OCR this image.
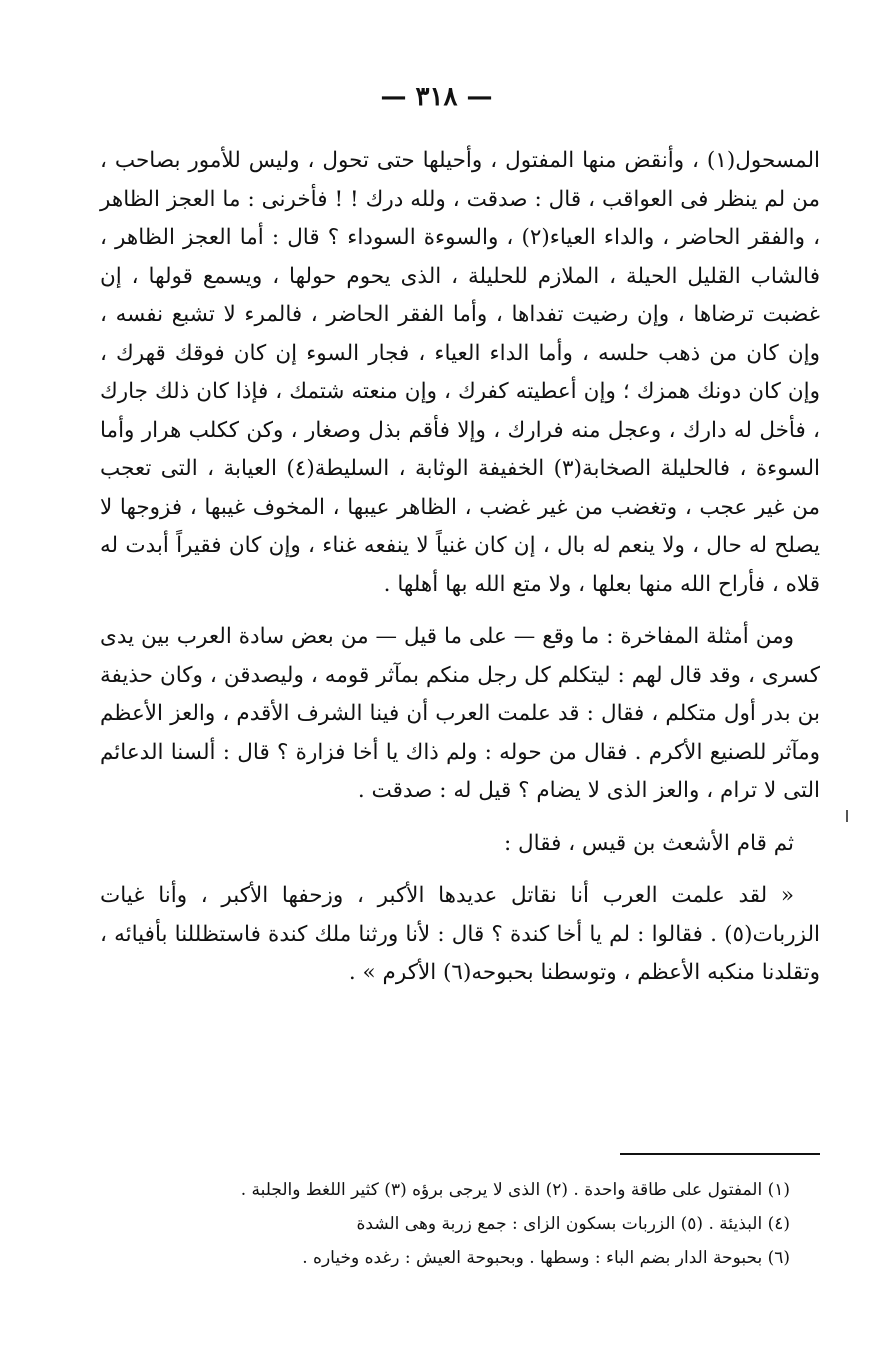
— ٣١٨ —

المسحول(١) ، وأنقض منها المفتول ، وأحيلها حتى تحول ، وليس للأمور بصاحب ، من لم ينظر فى العواقب ، قال : صدقت ، ولله درك ! ! فأخرنى : ما العجز الظاهر ، والفقر الحاضر ، والداء العياء(٢) ، والسوءة السوداء ؟ قال : أما العجز الظاهر ، فالشاب القليل الحيلة ، الملازم للحليلة ، الذى يحوم حولها ، ويسمع قولها ، إن غضبت ترضاها ، وإن رضيت تفداها ، وأما الفقر الحاضر ، فالمرء لا تشبع نفسه ، وإن كان من ذهب حلسه ، وأما الداء العياء ، فجار السوء إن كان فوقك قهرك ، وإن كان دونك همزك ؛ وإن أعطيته كفرك ، وإن منعته شتمك ، فإذا كان ذلك جارك ، فأخل له دارك ، وعجل منه فرارك ، وإلا فأقم بذل وصغار ، وكن ككلب هرار وأما السوءة ، فالحليلة الصخابة(٣) الخفيفة الوثابة ، السليطة(٤) العيابة ، التى تعجب من غير عجب ، وتغضب من غير غضب ، الظاهر عيبها ، المخوف غيبها ، فزوجها لا يصلح له حال ، ولا ينعم له بال ، إن كان غنياً لا ينفعه غناء ، وإن كان فقيراً أبدت له قلاه ، فأراح الله منها بعلها ، ولا متع الله بها أهلها .

ومن أمثلة المفاخرة : ما وقع — على ما قيل — من بعض سادة العرب بين يدى كسرى ، وقد قال لهم : ليتكلم كل رجل منكم بمآثر قومه ، وليصدقن ، وكان حذيفة بن بدر أول متكلم ، فقال : قد علمت العرب أن فينا الشرف الأقدم ، والعز الأعظم ومآثر للصنيع الأكرم . فقال من حوله : ولم ذاك يا أخا فزارة ؟ قال : ألسنا الدعائم التى لا ترام ، والعز الذى لا يضام ؟ قيل له : صدقت .

ثم قام الأشعث بن قيس ، فقال :

« لقد علمت العرب أنا نقاتل عديدها الأكبر ، وزحفها الأكبر ، وأنا غيات الزربات(٥) . فقالوا : لم يا أخا كندة ؟ قال : لأنا ورثنا ملك كندة فاستظللنا بأفيائه ، وتقلدنا منكبه الأعظم ، وتوسطنا بحبوحه(٦) الأكرم » .

(١) المفتول على طاقة واحدة . (٢) الذى لا يرجى برؤه (٣) كثير اللغط والجلبة .
(٤) البذيئة . (٥) الزربات بسكون الزاى : جمع زربة وهى الشدة
(٦) بحبوحة الدار بضم الباء : وسطها . وبحبوحة العيش : رغده وخياره .
